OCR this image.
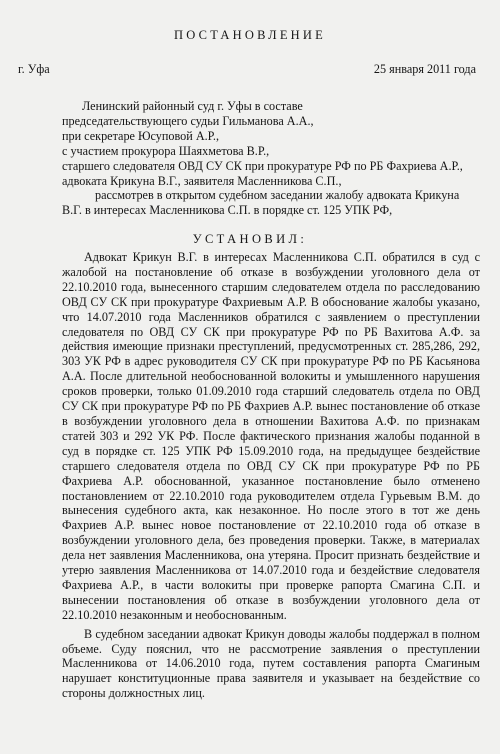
ПОСТАНОВЛЕНИЕ
г. Уфа	25 января 2011 года
Ленинский районный суд г. Уфы в составе
председательствующего судьи Гильманова А.А.,
при секретаре Юсуповой А.Р.,
с участием прокурора Шаяхметова В.Р.,
старшего следователя ОВД СУ СК при прокуратуре РФ по РБ Фахриева А.Р.,
адвоката Крикуна В.Г., заявителя Масленникова С.П.,
рассмотрев в открытом судебном заседании жалобу адвоката Крикуна
В.Г. в интересах Масленникова С.П. в порядке ст. 125 УПК РФ,
УСТАНОВИЛ:

Адвокат Крикун В.Г. в интересах Масленникова С.П. обратился в суд с жалобой на постановление об отказе в возбуждении уголовного дела от 22.10.2010 года, вынесенного старшим следователем отдела по расследованию ОВД СУ СК при прокуратуре Фахриевым А.Р. В обоснование жалобы указано, что 14.07.2010 года Масленников обратился с заявлением о преступлении следователя по ОВД СУ СК при прокуратуре РФ по РБ Вахитова А.Ф. за действия имеющие признаки преступлений, предусмотренных ст. 285,286, 292, 303 УК РФ в адрес руководителя СУ СК при прокуратуре РФ по РБ Касьянова А.А. После длительной необоснованной волокиты и умышленного нарушения сроков проверки, только 01.09.2010 года старший следователь отдела по ОВД СУ СК при прокуратуре РФ по РБ Фахриев А.Р. вынес постановление об отказе в возбуждении уголовного дела в отношении Вахитова А.Ф. по признакам статей 303 и 292 УК РФ. После фактического признания жалобы поданной в суд в порядке ст. 125 УПК РФ 15.09.2010 года, на предыдущее бездействие старшего следователя отдела по ОВД СУ СК при прокуратуре РФ по РБ Фахриева А.Р. обоснованной, указанное постановление было отменено постановлением от 22.10.2010 года руководителем отдела Гурьевым В.М. до вынесения судебного акта, как незаконное. Но после этого в тот же день Фахриев А.Р. вынес новое постановление от 22.10.2010 года об отказе в возбуждении уголовного дела, без проведения проверки. Также, в материалах дела нет заявления Масленникова, она утеряна. Просит признать бездействие и утерю заявления Масленникова от 14.07.2010 года и бездействие следователя Фахриева А.Р., в части волокиты при проверке рапорта Смагина С.П. и вынесении постановления об отказе в возбуждении уголовного дела от 22.10.2010 незаконным и необоснованным.

В судебном заседании адвокат Крикун доводы жалобы поддержал в полном объеме. Суду пояснил, что не рассмотрение заявления о преступлении Масленникова от 14.06.2010 года, путем составления рапорта Смагиным нарушает конституционные права заявителя и указывает на бездействие со стороны должностных лиц.
